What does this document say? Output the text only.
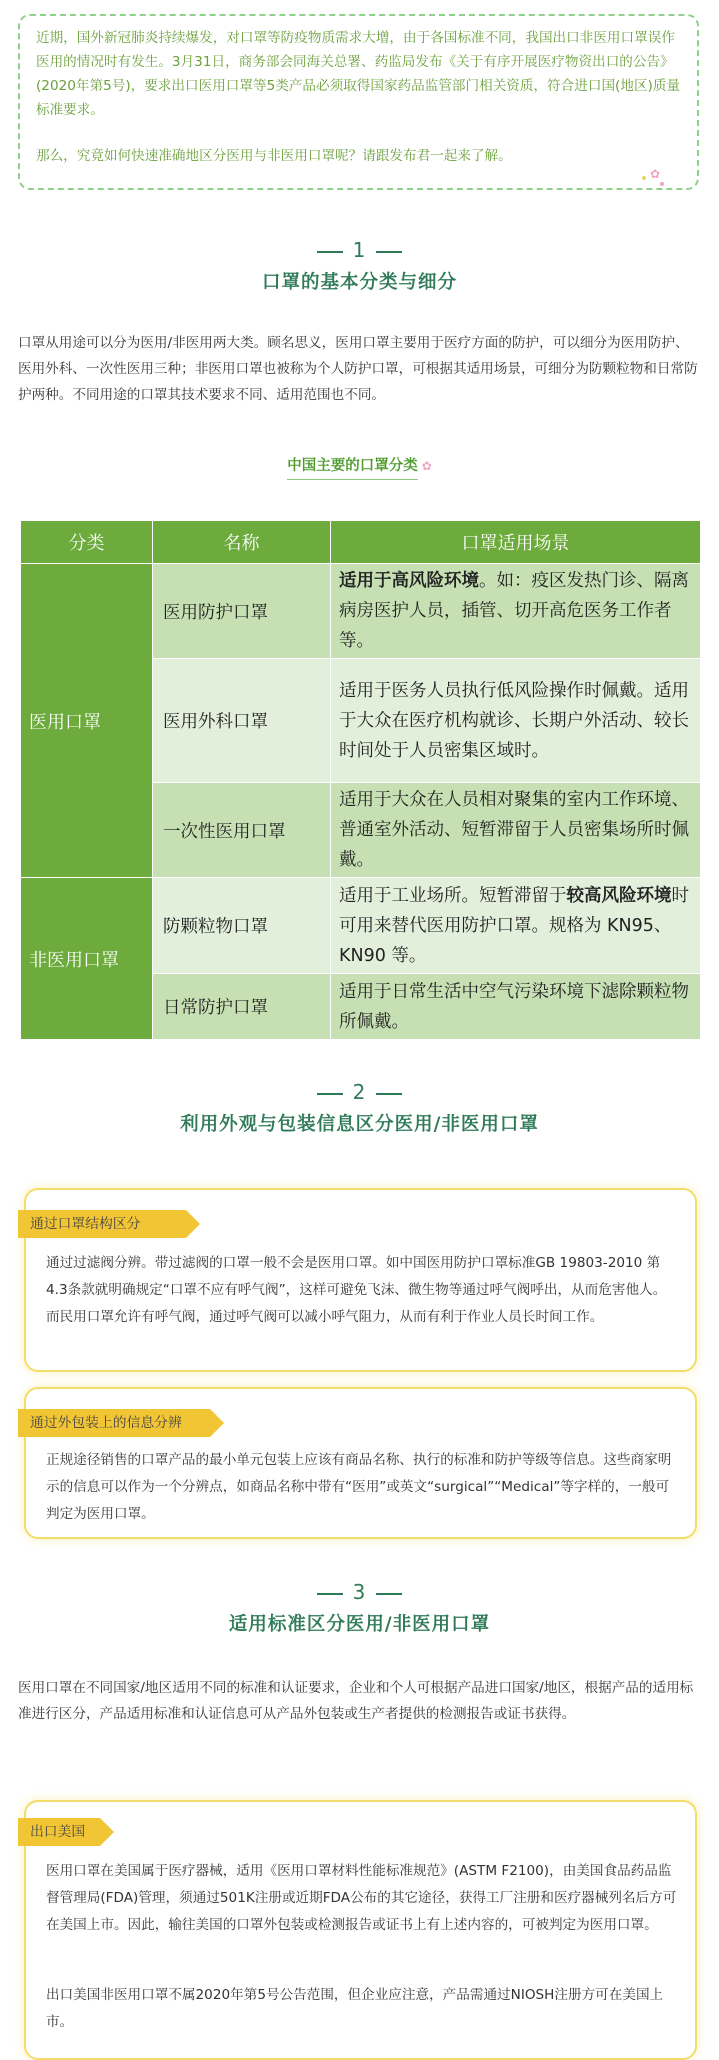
近期，国外新冠肺炎持续爆发，对口罩等防疫物质需求大增，由于各国标准不同，我国出口非医用口罩误作医用的情况时有发生。3月31日，商务部会同海关总署、药监局发布《关于有序开展医疗物资出口的公告》(2020年第5号)，要求出口医用口罩等5类产品必须取得国家药品监管部门相关资质，符合进口国(地区)质量标准要求。

那么，究竟如何快速准确地区分医用与非医用口罩呢？请跟发布君一起来了解。

✿
1
口罩的基本分类与细分

口罩从用途可以分为医用/非医用两大类。顾名思义，医用口罩主要用于医疗方面的防护，可以细分为医用防护、医用外科、一次性医用三种；非医用口罩也被称为个人防护口罩，可根据其适用场景，可细分为防颗粒物和日常防护两种。不同用途的口罩其技术要求不同、适用范围也不同。

中国主要的口罩分类 ✿
分类	名称	口罩适用场景
医用口罩	医用防护口罩	适用于高风险环境。如：疫区发热门诊、隔离病房医护人员，插管、切开高危医务工作者等。
	医用外科口罩	适用于医务人员执行低风险操作时佩戴。适用于大众在医疗机构就诊、长期户外活动、较长时间处于人员密集区域时。
	一次性医用口罩	适用于大众在人员相对聚集的室内工作环境、普通室外活动、短暂滞留于人员密集场所时佩戴。
非医用口罩	防颗粒物口罩	适用于工业场所。短暂滞留于较高风险环境时可用来替代医用防护口罩。规格为 KN95、KN90 等。
	日常防护口罩	适用于日常生活中空气污染环境下滤除颗粒物所佩戴。
2
利用外观与包装信息区分医用/非医用口罩
通过口罩结构区分

通过过滤阀分辨。带过滤阀的口罩一般不会是医用口罩。如中国医用防护口罩标准GB 19803-2010 第4.3条款就明确规定“口罩不应有呼气阀”，这样可避免飞沫、微生物等通过呼气阀呼出，从而危害他人。而民用口罩允许有呼气阀，通过呼气阀可以减小呼气阻力，从而有利于作业人员长时间工作。

通过外包装上的信息分辨

正规途径销售的口罩产品的最小单元包装上应该有商品名称、执行的标准和防护等级等信息。这些商家明示的信息可以作为一个分辨点，如商品名称中带有“医用”或英文“surgical”“Medical”等字样的，一般可判定为医用口罩。

3
适用标准区分医用/非医用口罩

医用口罩在不同国家/地区适用不同的标准和认证要求，企业和个人可根据产品进口国家/地区，根据产品的适用标准进行区分，产品适用标准和认证信息可从产品外包装或生产者提供的检测报告或证书获得。

出口美国

医用口罩在美国属于医疗器械，适用《医用口罩材料性能标准规范》(ASTM F2100)，由美国食品药品监督管理局(FDA)管理，须通过501K注册或近期FDA公布的其它途径，获得工厂注册和医疗器械列名后方可在美国上市。因此，输往美国的口罩外包装或检测报告或证书上有上述内容的，可被判定为医用口罩。

出口美国非医用口罩不属2020年第5号公告范围，但企业应注意，产品需通过NIOSH注册方可在美国上市。
